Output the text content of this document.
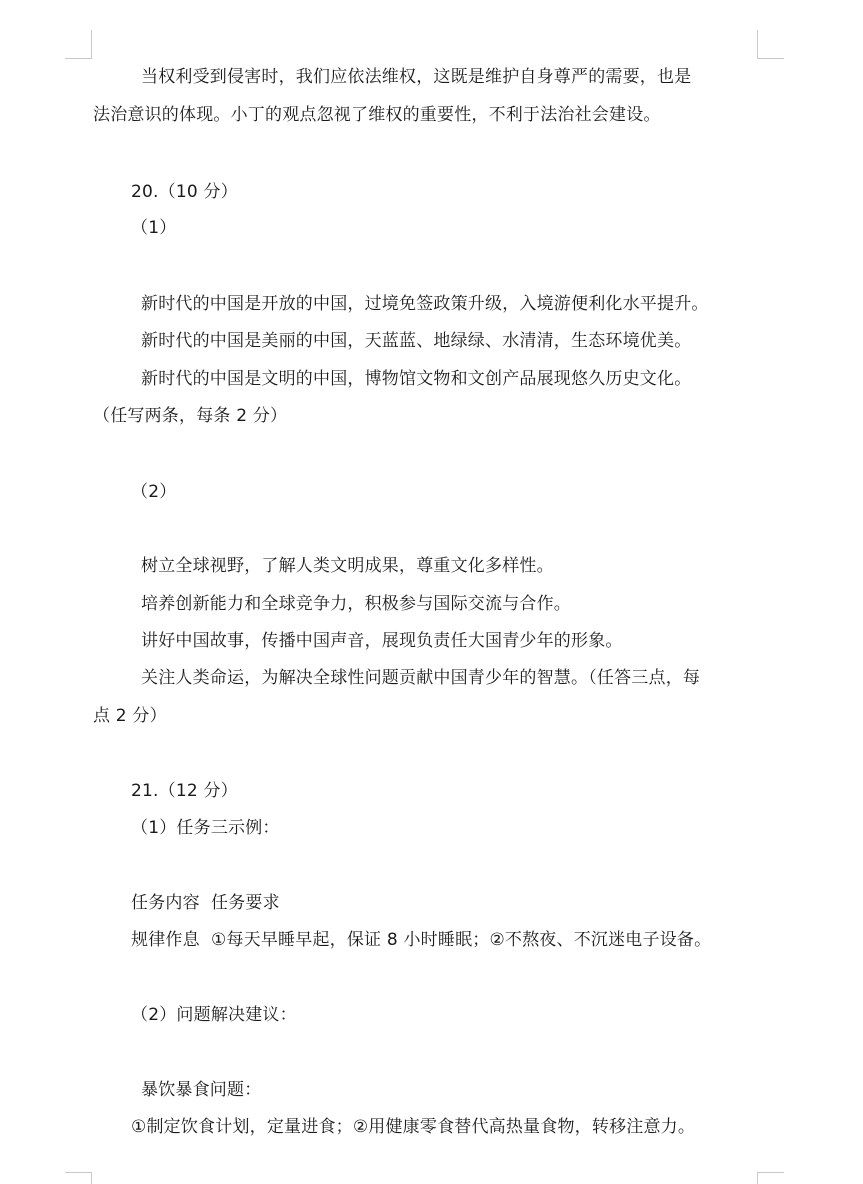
当权利受到侵害时，我们应依法维权，这既是维护自身尊严的需要，也是
法治意识的体现。小丁的观点忽视了维权的重要性，不利于法治社会建设。
20.（10 分）
（1）
新时代的中国是开放的中国，过境免签政策升级，入境游便利化水平提升。
新时代的中国是美丽的中国，天蓝蓝、地绿绿、水清清，生态环境优美。
新时代的中国是文明的中国，博物馆文物和文创产品展现悠久历史文化。
（任写两条，每条 2 分）
（2）
树立全球视野，了解人类文明成果，尊重文化多样性。
培养创新能力和全球竞争力，积极参与国际交流与合作。
讲好中国故事，传播中国声音，展现负责任大国青少年的形象。
关注人类命运，为解决全球性问题贡献中国青少年的智慧。（任答三点，每
点 2 分）
21.（12 分）
（1）任务三示例：
任务内容  任务要求
规律作息  ①每天早睡早起，保证 8 小时睡眠；②不熬夜、不沉迷电子设备。
（2）问题解决建议：
暴饮暴食问题：
①制定饮食计划，定量进食；②用健康零食替代高热量食物，转移注意力。
